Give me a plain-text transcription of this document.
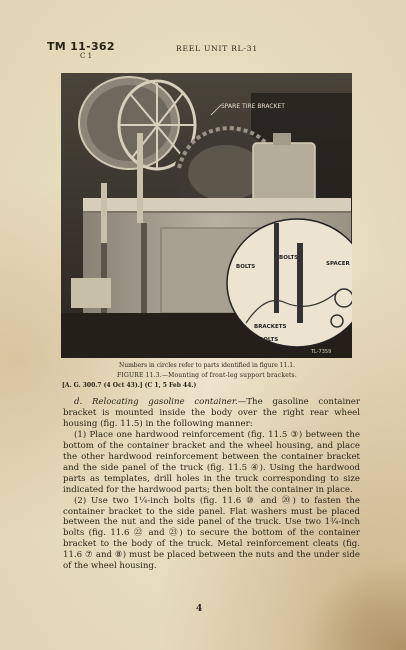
TM 11-362
C 1
REEL UNIT RL-31
SPARE TIRE BRACKET
BOLTS
BOLTS	SPACER
BRACKETS
BOLTS
TL-7359
Numbers in circles refer to parts identified in figure 11.1.
FIGURE 11.3.—Mounting of front-leg support brackets.
[A. G. 300.7 (4 Oct 43).] (C 1, 5 Feb 44.)

d. Relocating gasoline container.—The gasoline container bracket is mounted inside the body over the right rear wheel housing (fig. 11.5) in the following manner:

(1) Place one hardwood reinforcement (fig. 11.5 ③) between the bottom of the container bracket and the wheel housing, and place the other hardwood reinforcement between the container bracket and the side panel of the truck (fig. 11.5 ④). Using the hardwood parts as templates, drill holes in the truck corresponding to size indicated for the hardwood parts; then bolt the container in place.

(2) Use two 1¼-inch bolts (fig. 11.6 ⑩ and ⑳) to fasten the container bracket to the side panel. Flat washers must be placed between the nut and the side panel of the truck. Use two 1¾-inch bolts (fig. 11.6 ㉒ and ㉓) to secure the bottom of the container bracket to the body of the truck. Metal reinforcement cleats (fig. 11.6 ⑦ and ⑧) must be placed between the nuts and the under side of the wheel housing.

4
